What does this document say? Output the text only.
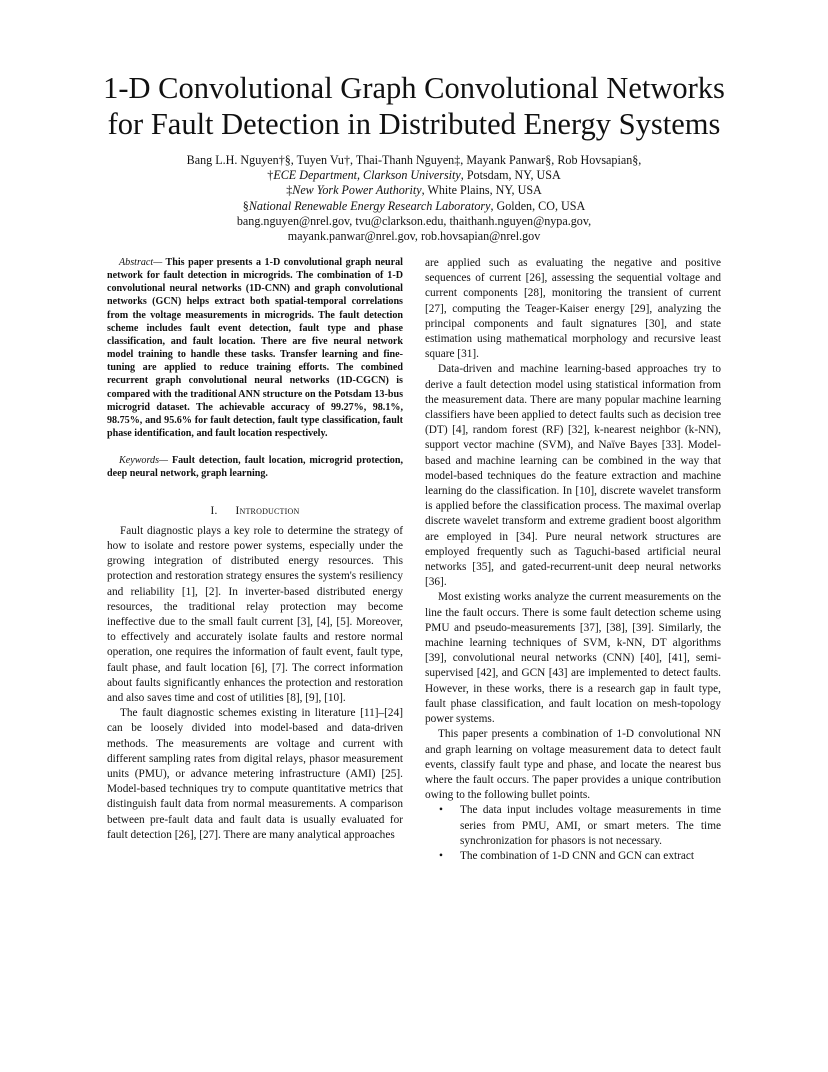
1-D Convolutional Graph Convolutional Networks
for Fault Detection in Distributed Energy Systems
Bang L.H. Nguyen†§, Tuyen Vu†, Thai-Thanh Nguyen‡, Mayank Panwar§, Rob Hovsapian§,
†ECE Department, Clarkson University, Potsdam, NY, USA
‡New York Power Authority, White Plains, NY, USA
§National Renewable Energy Research Laboratory, Golden, CO, USA
bang.nguyen@nrel.gov, tvu@clarkson.edu, thaithanh.nguyen@nypa.gov,
mayank.panwar@nrel.gov, rob.hovsapian@nrel.gov

Abstract— This paper presents a 1-D convolutional graph neural network for fault detection in microgrids. The combination of 1-D convolutional neural networks (1D-CNN) and graph convolutional networks (GCN) helps extract both spatial-temporal correlations from the voltage measurements in microgrids. The fault detection scheme includes fault event detection, fault type and phase classification, and fault location. There are five neural network model training to handle these tasks. Transfer learning and fine-tuning are applied to reduce training efforts. The combined recurrent graph convolutional neural networks (1D-CGCN) is compared with the traditional ANN structure on the Potsdam 13-bus microgrid dataset. The achievable accuracy of 99.27%, 98.1%, 98.75%, and 95.6% for fault detection, fault type classification, fault phase identification, and fault location respectively.

Keywords— Fault detection, fault location, microgrid protection, deep neural network, graph learning.

I. Introduction

Fault diagnostic plays a key role to determine the strategy of how to isolate and restore power systems, especially under the growing integration of distributed energy resources. This protection and restoration strategy ensures the system's resiliency and reliability [1], [2]. In inverter-based distributed energy resources, the traditional relay protection may become ineffective due to the small fault current [3], [4], [5]. Moreover, to effectively and accurately isolate faults and restore normal operation, one requires the information of fault event, fault type, fault phase, and fault location [6], [7]. The correct information about faults significantly enhances the protection and restoration and also saves time and cost of utilities [8], [9], [10].

The fault diagnostic schemes existing in literature [11]–[24] can be loosely divided into model-based and data-driven methods. The measurements are voltage and current with different sampling rates from digital relays, phasor measurement units (PMU), or advance metering infrastructure (AMI) [25]. Model-based techniques try to compute quantitative metrics that distinguish fault data from normal measurements. A comparison between pre-fault data and fault data is usually evaluated for fault detection [26], [27]. There are many analytical approaches

are applied such as evaluating the negative and positive sequences of current [26], assessing the sequential voltage and current components [28], monitoring the transient of current [27], computing the Teager-Kaiser energy [29], analyzing the principal components and fault signatures [30], and state estimation using mathematical morphology and recursive least square [31].

Data-driven and machine learning-based approaches try to derive a fault detection model using statistical information from the measurement data. There are many popular machine learning classifiers have been applied to detect faults such as decision tree (DT) [4], random forest (RF) [32], k-nearest neighbor (k-NN), support vector machine (SVM), and Naïve Bayes [33]. Model-based and machine learning can be combined in the way that model-based techniques do the feature extraction and machine learning do the classification. In [10], discrete wavelet transform is applied before the classification process. The maximal overlap discrete wavelet transform and extreme gradient boost algorithm are employed in [34]. Pure neural network structures are employed frequently such as Taguchi-based artificial neural networks [35], and gated-recurrent-unit deep neural networks [36].

Most existing works analyze the current measurements on the line the fault occurs. There is some fault detection scheme using PMU and pseudo-measurements [37], [38], [39]. Similarly, the machine learning techniques of SVM, k-NN, DT algorithms [39], convolutional neural networks (CNN) [40], [41], semi-supervised [42], and GCN [43] are implemented to detect faults. However, in these works, there is a research gap in fault type, fault phase classification, and fault location on mesh-topology power systems.

This paper presents a combination of 1-D convolutional NN and graph learning on voltage measurement data to detect fault events, classify fault type and phase, and locate the nearest bus where the fault occurs. The paper provides a unique contribution owing to the following bullet points.

• The data input includes voltage measurements in time series from PMU, AMI, or smart meters. The time synchronization for phasors is not necessary.
• The combination of 1-D CNN and GCN can extract
